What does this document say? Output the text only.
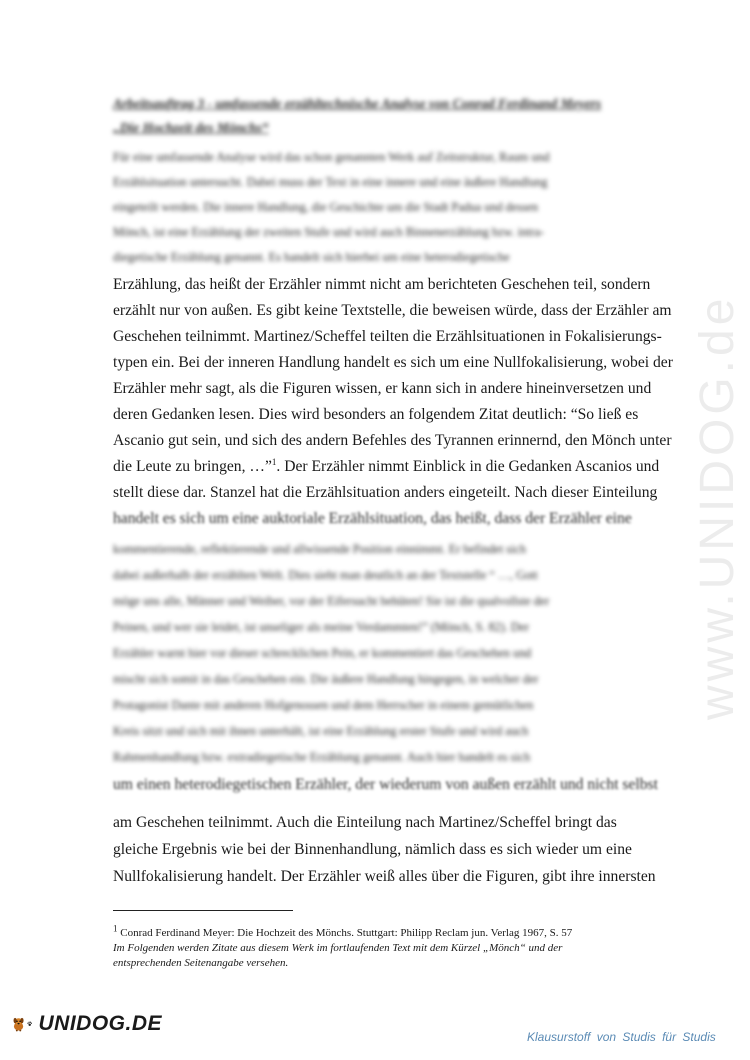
www.UNIDOG.de
Arbeitsauftrag 3 - umfassende erzähltechnische Analyse von Conrad Ferdinand Meyers
„Die Hochzeit des Mönchs“
Für eine umfassende Analyse wird das schon genannten Werk auf Zeitstruktur, Raum und
Erzählsituation untersucht. Dabei muss der Text in eine innere und eine äußere Handlung
eingeteilt werden. Die innere Handlung, die Geschichte um die Stadt Padua und dessen
Mönch, ist eine Erzählung der zweiten Stufe und wird auch Binnenerzählung bzw. intra-
diegetische Erzählung genannt. Es handelt sich hierbei um eine heterodiegetische
Erzählung, das heißt der Erzähler nimmt nicht am berichteten Geschehen teil, sondern
erzählt nur von außen. Es gibt keine Textstelle, die beweisen würde, dass der Erzähler am
Geschehen teilnimmt. Martinez/Scheffel teilten die Erzählsituationen in Fokalisierungs-
typen ein. Bei der inneren Handlung handelt es sich um eine Nullfokalisierung, wobei der
Erzähler mehr sagt, als die Figuren wissen, er kann sich in andere hineinversetzen und
deren Gedanken lesen. Dies wird besonders an folgendem Zitat deutlich: “So ließ es
Ascanio gut sein, und sich des andern Befehles des Tyrannen erinnernd, den Mönch unter
die Leute zu bringen, …”$^1$. Der Erzähler nimmt Einblick in die Gedanken Ascanios und
stellt diese dar. Stanzel hat die Erzählsituation anders eingeteilt. Nach dieser Einteilung
handelt es sich um eine auktoriale Erzählsituation, das heißt, dass der Erzähler eine
kommentierende, reflektierende und allwissende Position einnimmt. Er befindet sich
dabei außerhalb der erzählten Welt. Dies sieht man deutlich an der Textstelle “ …, Gott
möge uns alle, Männer und Weiber, vor der Eifersucht behüten! Sie ist die qualvollste der
Peinen, und wer sie leidet, ist unseliger als meine Verdammten!” (Mönch, S. 82). Der
Erzähler warnt hier vor dieser schrecklichen Pein, er kommentiert das Geschehen und
mischt sich somit in das Geschehen ein. Die äußere Handlung hingegen, in welcher der
Protagonist Dante mit anderen Hofgenossen und dem Herrscher in einem gemütlichen
Kreis sitzt und sich mit ihnen unterhält, ist eine Erzählung erster Stufe und wird auch
Rahmenhandlung bzw. extradiegetische Erzählung genannt. Auch hier handelt es sich
um einen heterodiegetischen Erzähler, der wiederum von außen erzählt und nicht selbst
am Geschehen teilnimmt. Auch die Einteilung nach Martinez/Scheffel bringt das
gleiche Ergebnis wie bei der Binnenhandlung, nämlich dass es sich wieder um eine
Nullfokalisierung handelt. Der Erzähler weiß alles über die Figuren, gibt ihre innersten
$^1$ Conrad Ferdinand Meyer: Die Hochzeit des Mönchs. Stuttgart: Philipp Reclam jun. Verlag 1967, S. 57
Im Folgenden werden Zitate aus diesem Werk im fortlaufenden Text mit dem Kürzel „Mönch“ und der
entsprechenden Seitenangabe versehen.
UNIDOG.DE
Klausurstoff von Studis für Studis
